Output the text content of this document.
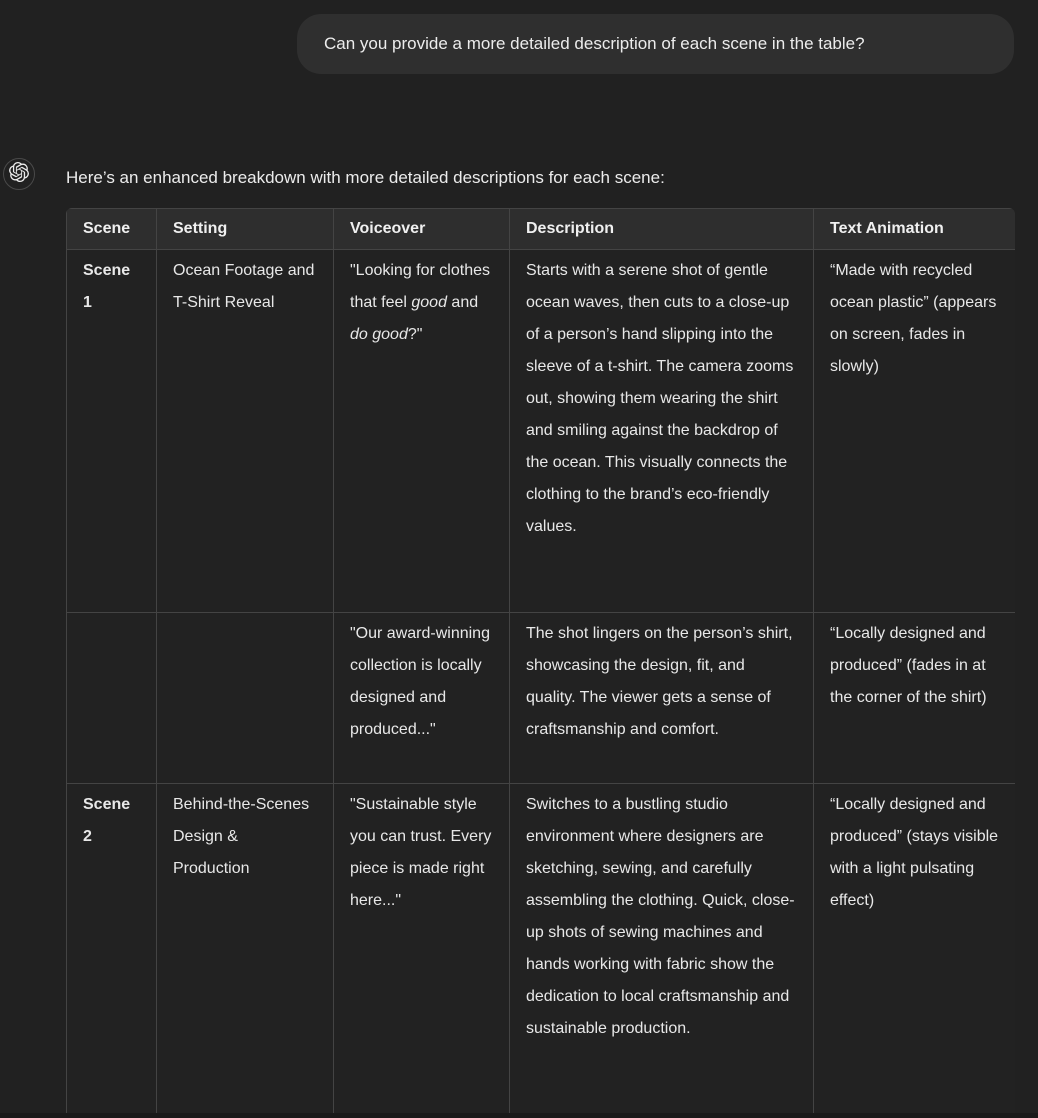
Can you provide a more detailed description of each scene in the table?
Here’s an enhanced breakdown with more detailed descriptions for each scene:
Scene	Setting	Voiceover	Description	Text Animation
Scene 1	Ocean Footage and T-Shirt Reveal	"Looking for clothes that feel good and do good?"	Starts with a serene shot of gentle ocean waves, then cuts to a close-up of a person’s hand slipping into the sleeve of a t-shirt. The camera zooms out, showing them wearing the shirt and smiling against the backdrop of the ocean. This visually connects the clothing to the brand’s eco-friendly values.	“Made with recycled ocean plastic” (appears on screen, fades in slowly)
		"Our award-winning collection is locally designed and produced..."	The shot lingers on the person’s shirt, showcasing the design, fit, and quality. The viewer gets a sense of craftsmanship and comfort.	“Locally designed and produced” (fades in at the corner of the shirt)
Scene 2	Behind-the-Scenes Design & Production	"Sustainable style you can trust. Every piece is made right here..."	Switches to a bustling studio environment where designers are sketching, sewing, and carefully assembling the clothing. Quick, close-up shots of sewing machines and hands working with fabric show the dedication to local craftsmanship and sustainable production.	“Locally designed and produced” (stays visible with a light pulsating effect)
